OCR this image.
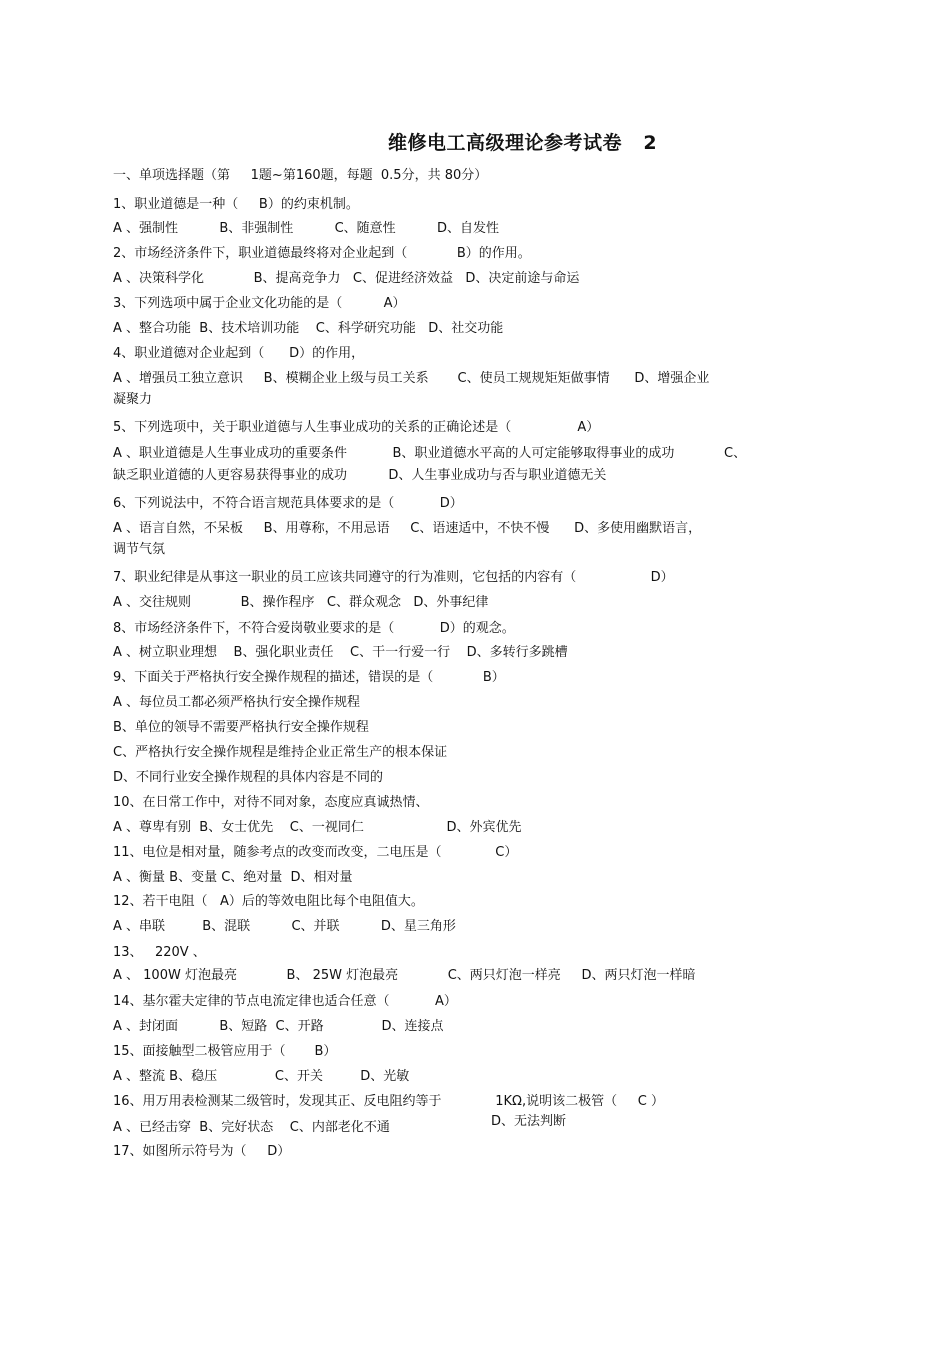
维修电工高级理论参考试卷   2
一、单项选择题（第     1题~第160题，每题  0.5分，共 80分）
1、职业道德是一种（     B）的约束机制。
A 、强制性          B、非强制性          C、随意性          D、自发性
2、市场经济条件下，职业道德最终将对企业起到（            B）的作用。
A 、决策科学化            B、提高竞争力   C、促进经济效益   D、决定前途与命运
3、下列选项中属于企业文化功能的是（          A）
A 、整合功能  B、技术培训功能    C、科学研究功能   D、社交功能
4、职业道德对企业起到（      D）的作用，
A 、增强员工独立意识     B、模糊企业上级与员工关系       C、使员工规规矩矩做事情      D、增强企业
凝聚力
5、下列选项中，关于职业道德与人生事业成功的关系的正确论述是（                A）
A 、职业道德是人生事业成功的重要条件           B、职业道德水平高的人可定能够取得事业的成功            C、
缺乏职业道德的人更容易获得事业的成功          D、人生事业成功与否与职业道德无关
6、下列说法中，不符合语言规范具体要求的是（           D）
A 、语言自然，不呆板     B、用尊称，不用忌语     C、语速适中，不快不慢      D、多使用幽默语言，
调节气氛
7、职业纪律是从事这一职业的员工应该共同遵守的行为准则，它包括的内容有（                  D）
A 、交往规则            B、操作程序   C、群众观念   D、外事纪律
8、市场经济条件下，不符合爱岗敬业要求的是（           D）的观念。
A 、树立职业理想    B、强化职业责任    C、干一行爱一行    D、多转行多跳槽
9、下面关于严格执行安全操作规程的描述，错误的是（            B）
A 、每位员工都必须严格执行安全操作规程
B、单位的领导不需要严格执行安全操作规程
C、严格执行安全操作规程是维持企业正常生产的根本保证
D、不同行业安全操作规程的具体内容是不同的
10、在日常工作中，对待不同对象，态度应真诚热情、
A 、尊卑有别  B、女士优先    C、一视同仁                    D、外宾优先
11、电位是相对量，随参考点的改变而改变，二电压是（             C）
A 、衡量 B、变量 C、绝对量  D、相对量
12、若干电阻（   A）后的等效电阻比每个电阻值大。
A 、串联         B、混联          C、并联          D、星三角形
13、   220V 、
A 、 100W 灯泡最亮            B、 25W 灯泡最亮            C、两只灯泡一样亮     D、两只灯泡一样暗
14、基尔霍夫定律的节点电流定律也适合任意（           A）
A 、封闭面          B、短路  C、开路              D、连接点
15、面接触型二极管应用于（       B）
A 、整流 B、稳压              C、开关         D、光敏
16、用万用表检测某二级管时，发现其正、反电阻约等于             1KΩ,说明该二极管（     C ）
A 、已经击穿  B、完好状态    C、内部老化不通	D、无法判断
17、如图所示符号为（     D）
